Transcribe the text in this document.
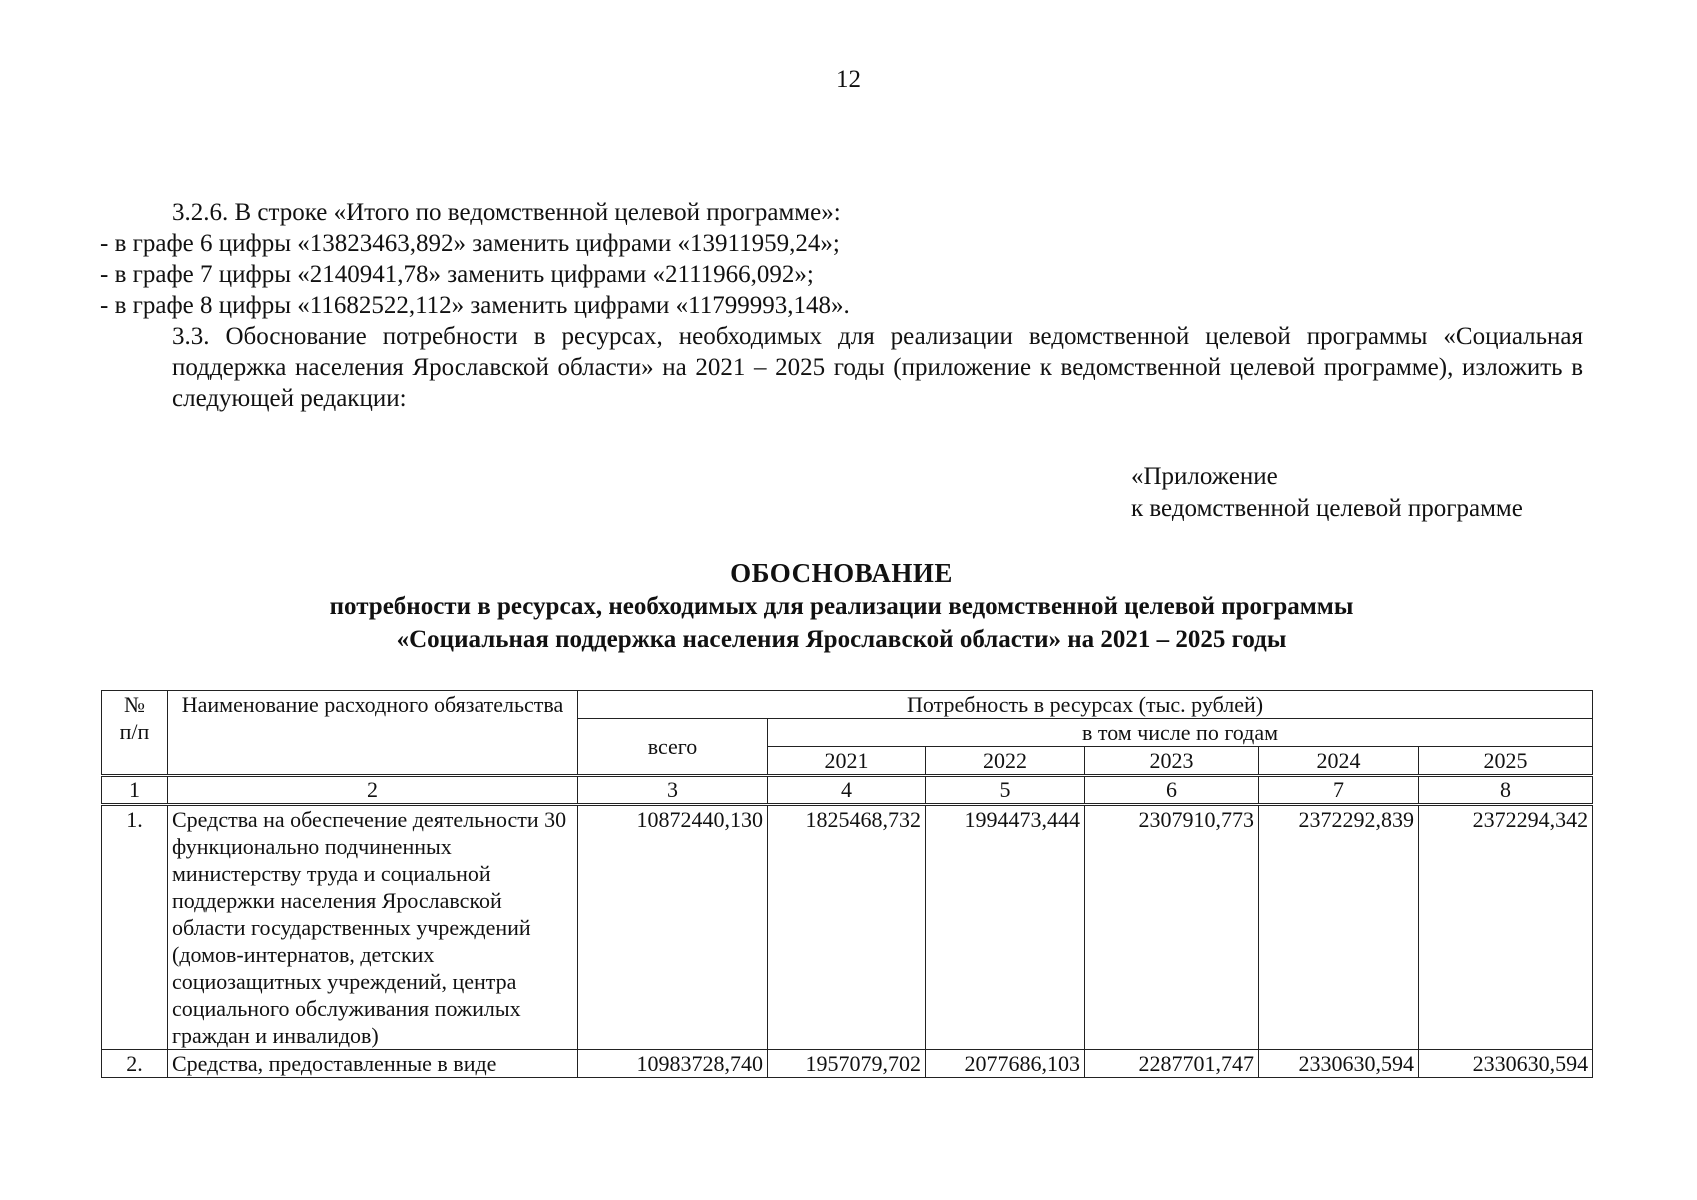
12

3.2.6. В строке «Итого по ведомственной целевой программе»:

- в графе 6 цифры «13823463,892» заменить цифрами «13911959,24»;

- в графе 7 цифры «2140941,78» заменить цифрами «2111966,092»;

- в графе 8 цифры «11682522,112» заменить цифрами «11799993,148».

3.3. Обоснование потребности в ресурсах, необходимых для реализации ведомственной целевой программы «Социальная поддержка населения Ярославской области» на 2021 – 2025 годы (приложение к ведомственной целевой программе), изложить в следующей редакции:

«Приложение
к ведомственной целевой программе
ОБОСНОВАНИЕ
потребности в ресурсах, необходимых для реализации ведомственной целевой программы
«Социальная поддержка населения Ярославской области» на 2021 – 2025 годы
№
п/п	Наименование расходного обязательства	Потребность в ресурсах (тыс. рублей)					
		всего	в том числе по годам				
			2021	2022	2023	2024	2025
1	2	3	4	5	6	7	8
1.	Средства на обеспечение деятельности 30 функционально подчиненных министерству труда и социальной поддержки населения Ярославской области государственных учреждений (домов-интернатов, детских социозащитных учреждений, центра социального обслуживания пожилых граждан и инвалидов)	10872440,130	1825468,732	1994473,444	2307910,773	2372292,839	2372294,342
2.	Средства, предоставленные в виде	10983728,740	1957079,702	2077686,103	2287701,747	2330630,594	2330630,594
